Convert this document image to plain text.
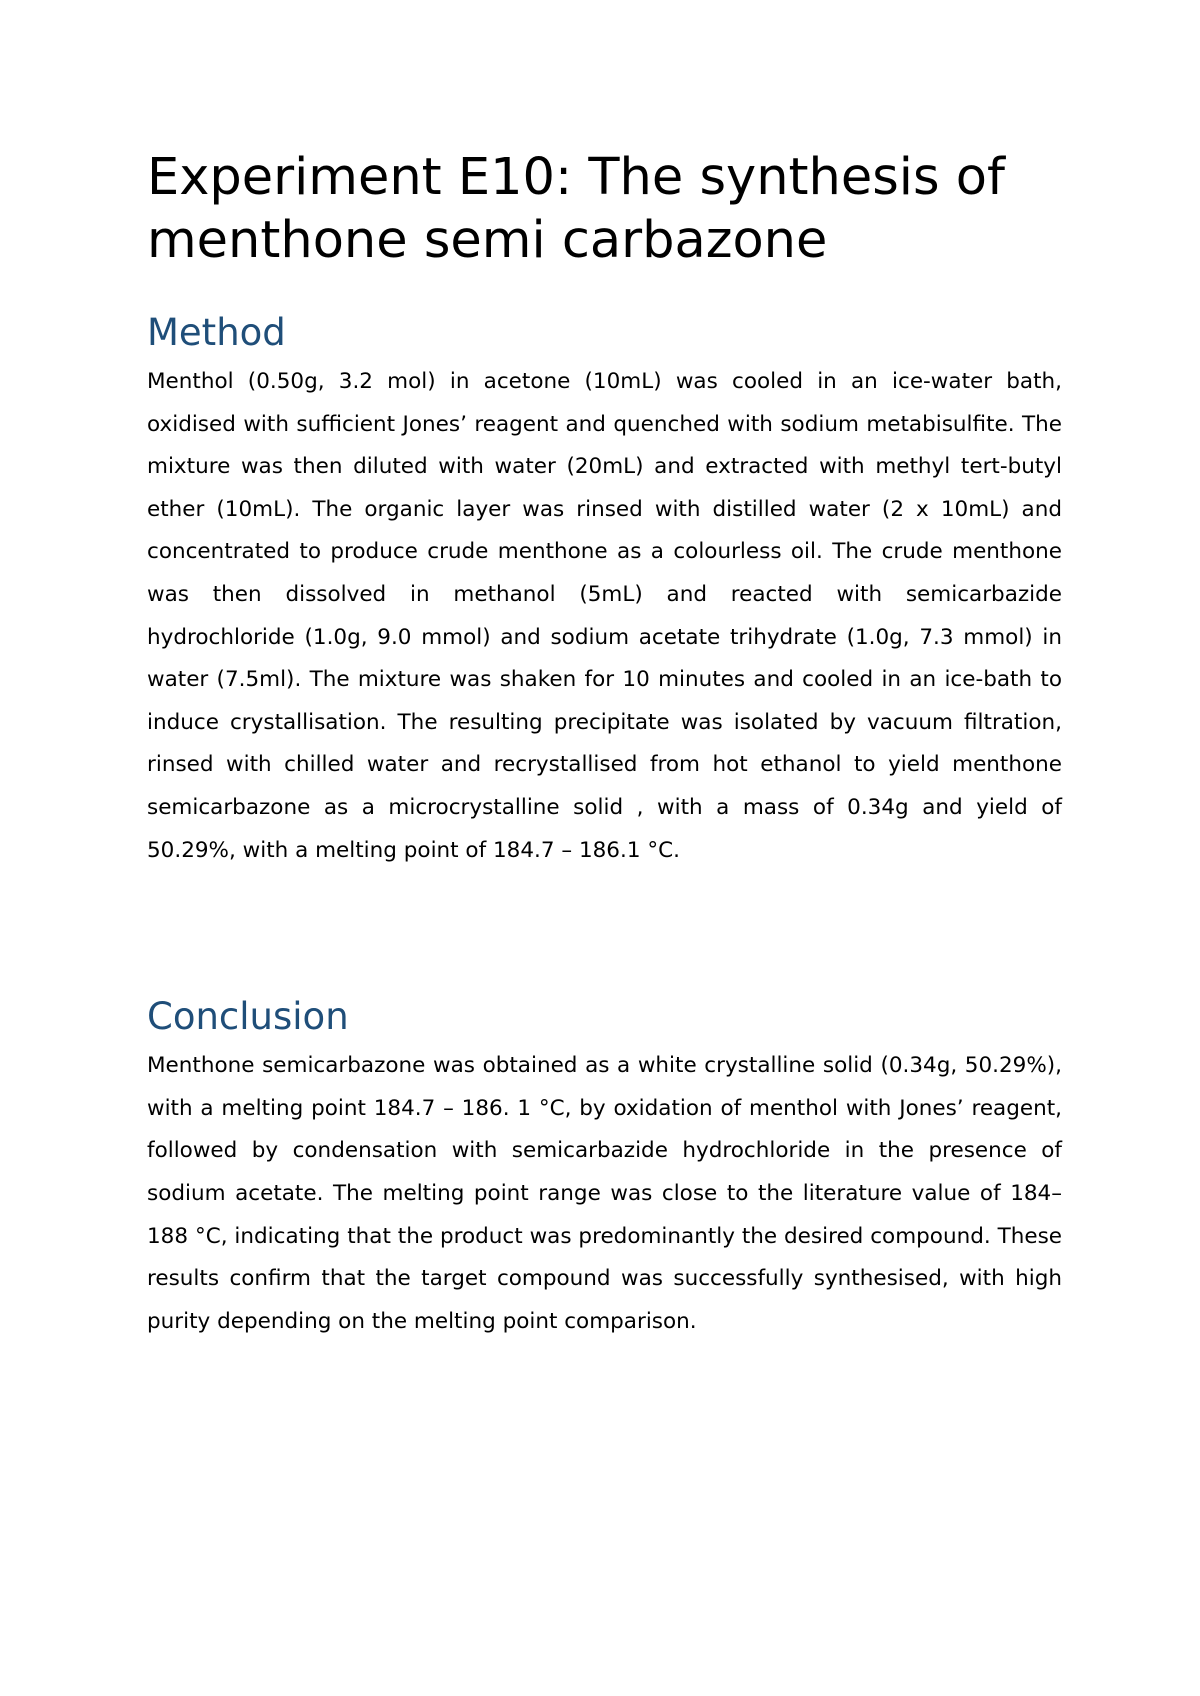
Experiment E10: The synthesis of menthone semi carbazone
Method

Menthol (0.50g, 3.2 mol) in acetone (10mL) was cooled in an ice-water bath, oxidised with sufficient Jones’ reagent and quenched with sodium metabisulfite. The mixture was then diluted with water (20mL) and extracted with methyl tert-butyl ether (10mL). The organic layer was rinsed with distilled water (2 x 10mL) and concentrated to produce crude menthone as a colourless oil. The crude menthone was then dissolved in methanol (5mL) and reacted with semicarbazide hydrochloride (1.0g, 9.0 mmol) and sodium acetate trihydrate (1.0g, 7.3 mmol) in water (7.5ml). The mixture was shaken for 10 minutes and cooled in an ice-bath to induce crystallisation. The resulting precipitate was isolated by vacuum filtration, rinsed with chilled water and recrystallised from hot ethanol to yield menthone semicarbazone as a microcrystalline solid , with a mass of 0.34g and yield of 50.29%, with a melting point of 184.7 – 186.1 °C.

Conclusion

Menthone semicarbazone was obtained as a white crystalline solid (0.34g, 50.29%), with a melting point 184.7 – 186. 1 °C, by oxidation of menthol with Jones’ reagent, followed by condensation with semicarbazide hydrochloride in the presence of sodium acetate. The melting point range was close to the literature value of 184–188 °C, indicating that the product was predominantly the desired compound. These results confirm that the target compound was successfully synthesised, with high purity depending on the melting point comparison.
